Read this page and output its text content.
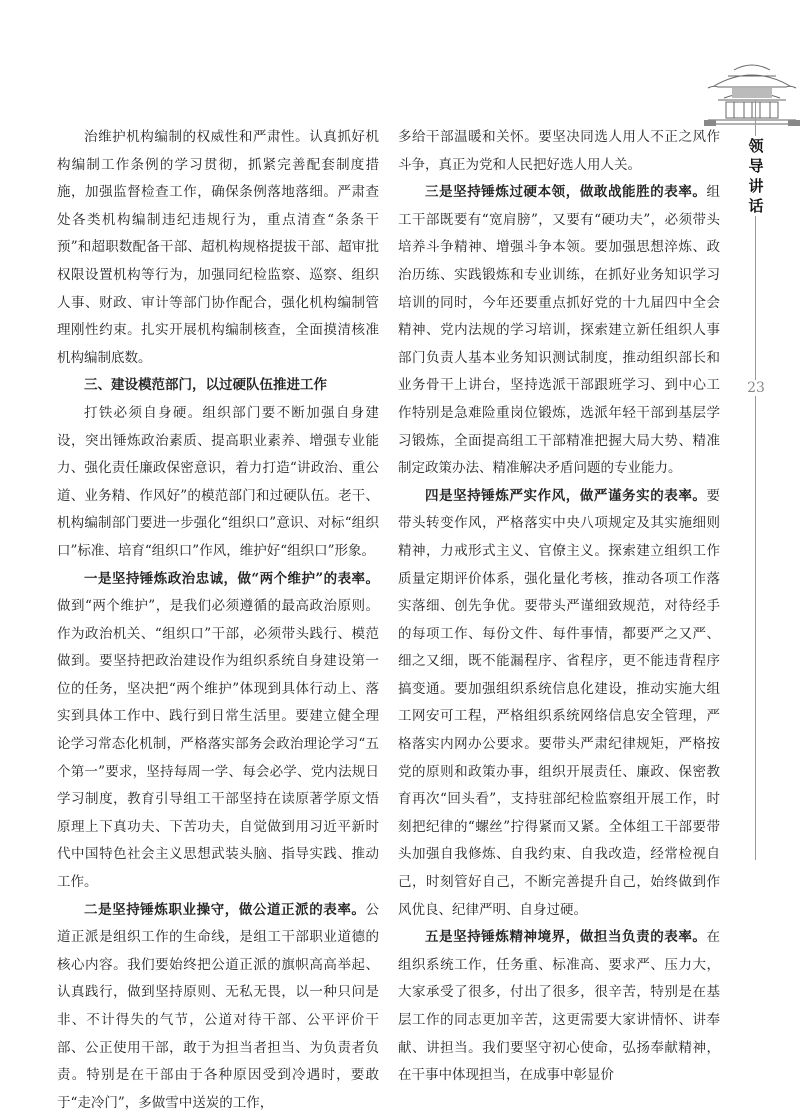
领
导
讲
话
23

治维护机构编制的权威性和严肃性。认真抓好机构编制工作条例的学习贯彻，抓紧完善配套制度措施，加强监督检查工作，确保条例落地落细。严肃查处各类机构编制违纪违规行为，重点清查“条条干预”和超职数配备干部、超机构规格提拔干部、超审批权限设置机构等行为，加强同纪检监察、巡察、组织人事、财政、审计等部门协作配合，强化机构编制管理刚性约束。扎实开展机构编制核查，全面摸清核准机构编制底数。

三、建设模范部门，以过硬队伍推进工作

打铁必须自身硬。组织部门要不断加强自身建设，突出锤炼政治素质、提高职业素养、增强专业能力、强化责任廉政保密意识，着力打造“讲政治、重公道、业务精、作风好”的模范部门和过硬队伍。老干、机构编制部门要进一步强化“组织口”意识、对标“组织口”标准、培育“组织口”作风，维护好“组织口”形象。

一是坚持锤炼政治忠诚，做“两个维护”的表率。做到“两个维护”，是我们必须遵循的最高政治原则。作为政治机关、“组织口”干部，必须带头践行、模范做到。要坚持把政治建设作为组织系统自身建设第一位的任务，坚决把“两个维护”体现到具体行动上、落实到具体工作中、践行到日常生活里。要建立健全理论学习常态化机制，严格落实部务会政治理论学习“五个第一”要求，坚持每周一学、每会必学、党内法规日学习制度，教育引导组工干部坚持在读原著学原文悟原理上下真功夫、下苦功夫，自觉做到用习近平新时代中国特色社会主义思想武装头脑、指导实践、推动工作。

二是坚持锤炼职业操守，做公道正派的表率。公道正派是组织工作的生命线，是组工干部职业道德的核心内容。我们要始终把公道正派的旗帜高高举起、认真践行，做到坚持原则、无私无畏，以一种只问是非、不计得失的气节，公道对待干部、公平评价干部、公正使用干部，敢于为担当者担当、为负责者负责。特别是在干部由于各种原因受到冷遇时，要敢于“走冷门”，多做雪中送炭的工作，

多给干部温暖和关怀。要坚决同选人用人不正之风作斗争，真正为党和人民把好选人用人关。

三是坚持锤炼过硬本领，做敢战能胜的表率。组工干部既要有“宽肩膀”，又要有“硬功夫”，必须带头培养斗争精神、增强斗争本领。要加强思想淬炼、政治历练、实践锻炼和专业训练，在抓好业务知识学习培训的同时，今年还要重点抓好党的十九届四中全会精神、党内法规的学习培训，探索建立新任组织人事部门负责人基本业务知识测试制度，推动组织部长和业务骨干上讲台，坚持选派干部跟班学习、到中心工作特别是急难险重岗位锻炼，选派年轻干部到基层学习锻炼，全面提高组工干部精准把握大局大势、精准制定政策办法、精准解决矛盾问题的专业能力。

四是坚持锤炼严实作风，做严谨务实的表率。要带头转变作风，严格落实中央八项规定及其实施细则精神，力戒形式主义、官僚主义。探索建立组织工作质量定期评价体系，强化量化考核，推动各项工作落实落细、创先争优。要带头严谨细致规范，对待经手的每项工作、每份文件、每件事情，都要严之又严、细之又细，既不能漏程序、省程序，更不能违背程序搞变通。要加强组织系统信息化建设，推动实施大组工网安可工程，严格组织系统网络信息安全管理，严格落实内网办公要求。要带头严肃纪律规矩，严格按党的原则和政策办事，组织开展责任、廉政、保密教育再次“回头看”，支持驻部纪检监察组开展工作，时刻把纪律的“螺丝”拧得紧而又紧。全体组工干部要带头加强自我修炼、自我约束、自我改造，经常检视自己，时刻管好自己，不断完善提升自己，始终做到作风优良、纪律严明、自身过硬。

五是坚持锤炼精神境界，做担当负责的表率。在组织系统工作，任务重、标准高、要求严、压力大，大家承受了很多，付出了很多，很辛苦，特别是在基层工作的同志更加辛苦，这更需要大家讲情怀、讲奉献、讲担当。我们要坚守初心使命，弘扬奉献精神，在干事中体现担当，在成事中彰显价
